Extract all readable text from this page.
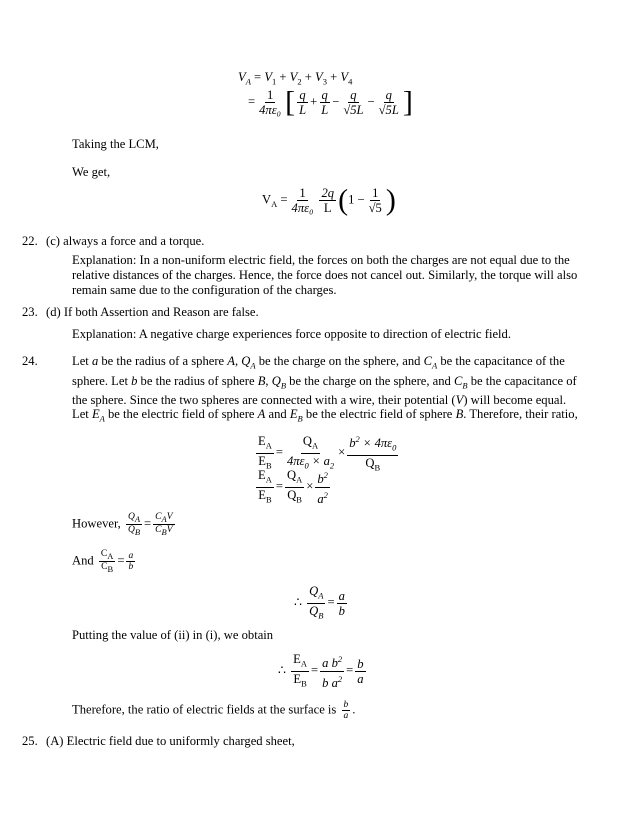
$V_A = V_1 + V_2 + V_3 + V_4$
= $\frac{1}{\text{4πε₀}}$ [ $\frac{q}{L} + \frac{q}{L} - \frac{q}{√5L} - \frac{q}{√5L}$ ]
Taking the LCM,
We get,
$V_A = \frac{1}{\text{4πε₀}} \frac{2q}{L} (1 - \frac{1}{√5}$ )
22. (c) always a force and a torque.
Explanation: In a non-uniform electric field, the forces on both the charges are not equal due to the relative distances of the charges. Hence, the force does not cancel out. Similarly, the torque will also remain same due to the configuration of the charges.
23. (d) If both Assertion and Reason are false.
Explanation: A negative charge experiences force opposite to direction of electric field.
24.	Let a be the radius of a sphere A, $Q_A$ be the charge on the sphere, and $C_A$ be the capacitance of the sphere. Let b be the radius of sphere B, $Q_B$ be the charge on the sphere, and $C_B$ be the capacitance of the sphere. Since the two spheres are connected with a wire, their potential (V) will become equal.
Let $E_A$ be the electric field of sphere A and $E_B$ be the electric field of sphere B. Therefore, their ratio,
$\frac{E_A}{E_B} = \frac{Q_A}{4\pi\varepsilon_0 \times a_2} \times \frac{b^2 \times 4\pi\varepsilon_0}{Q_B}$
$\frac{E_A}{E_B} = \frac{Q_A}{Q_B} \times \frac{b^2}{a^2}$
However, $\frac{Q_A}{Q_B} = \frac{C_AV}{C_BV}$
And $\frac{C_A}{C_B} = \frac{a}{b}$
∴ $\frac{Q_A}{Q_B} = \frac{a}{b}$
Putting the value of (ii) in (i), we obtain
∴ $\frac{E_A}{E_B} = \frac{a b^2}{b a^2} = \frac{b}{a}$
Therefore, the ratio of electric fields at the surface is $\frac{b}{a}$ .
25. (A) Electric field due to uniformly charged sheet,
